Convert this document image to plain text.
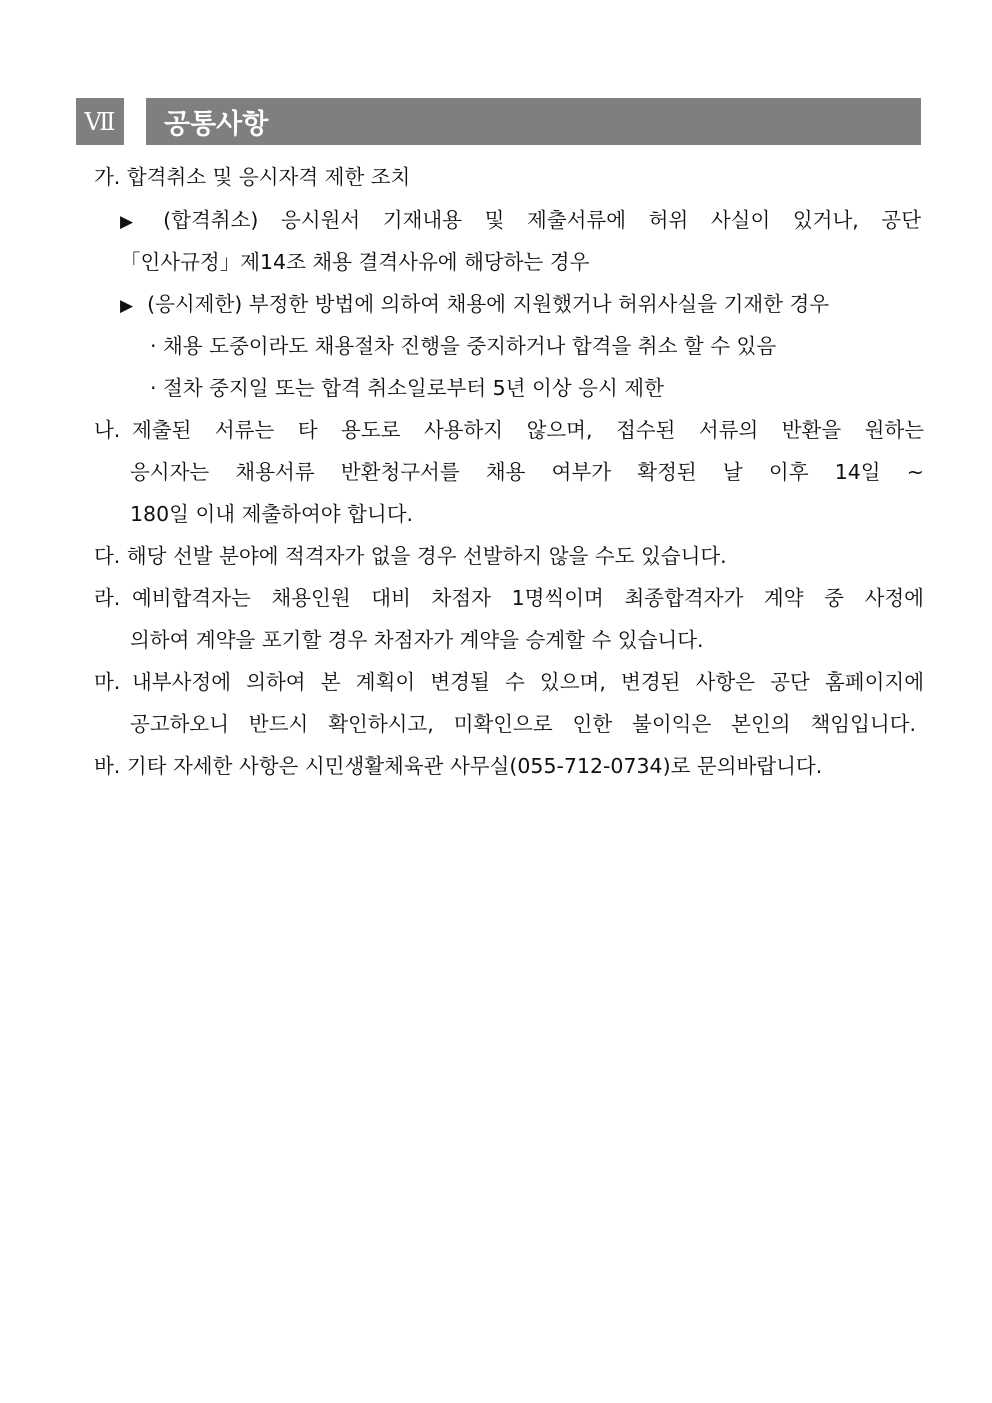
Ⅶ	공통사항
가. 합격취소 및 응시자격 제한 조치
▶ (합격취소) 응시원서 기재내용 및 제출서류에 허위 사실이 있거나, 공단
「인사규정」제14조 채용 결격사유에 해당하는 경우
▶ (응시제한) 부정한 방법에 의하여 채용에 지원했거나 허위사실을 기재한 경우
· 채용 도중이라도 채용절차 진행을 중지하거나 합격을 취소 할 수 있음
· 절차 중지일 또는 합격 취소일로부터 5년 이상 응시 제한
나. 제출된 서류는 타 용도로 사용하지 않으며, 접수된 서류의 반환을 원하는
응시자는 채용서류 반환청구서를 채용 여부가 확정된 날 이후 14일 ~
180일 이내 제출하여야 합니다.
다. 해당 선발 분야에 적격자가 없을 경우 선발하지 않을 수도 있습니다.
라. 예비합격자는 채용인원 대비 차점자 1명씩이며 최종합격자가 계약 중 사정에
의하여 계약을 포기할 경우 차점자가 계약을 승계할 수 있습니다.
마. 내부사정에 의하여 본 계획이 변경될 수 있으며, 변경된 사항은 공단 홈페이지에
공고하오니 반드시 확인하시고, 미확인으로 인한 불이익은 본인의 책임입니다.
바. 기타 자세한 사항은 시민생활체육관 사무실(055-712-0734)로 문의바랍니다.
